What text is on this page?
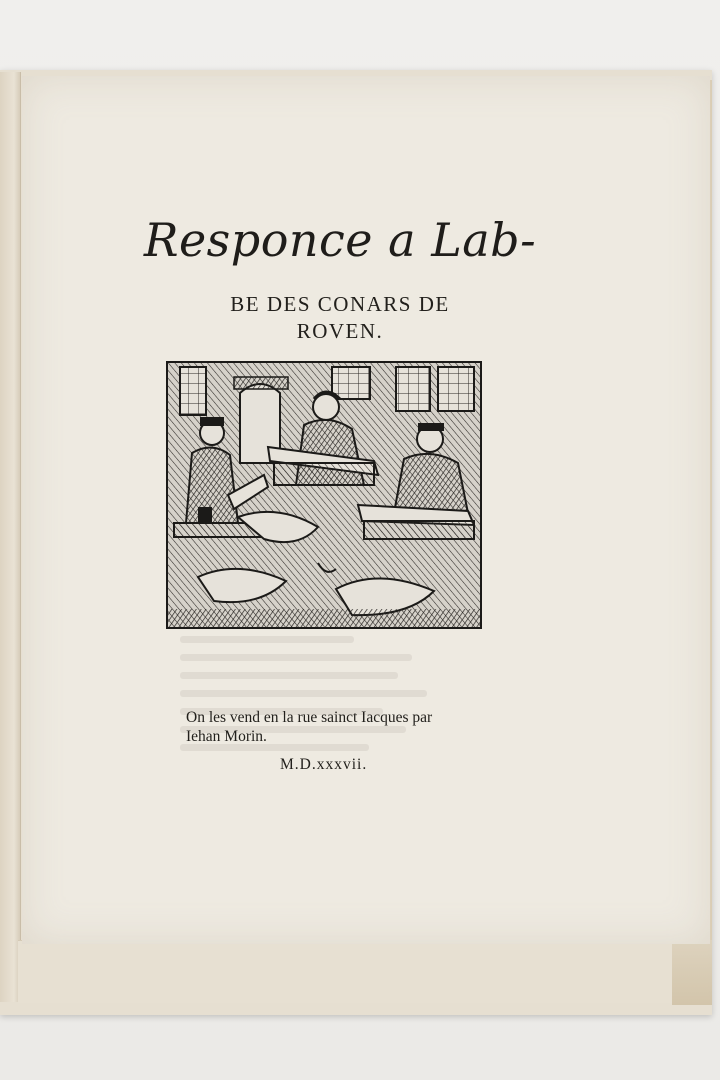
Responce a Lab-
BE DES CONARS DE
ROVEN.
On les vend en la rue sainct Iacques par
Iehan Morin.
M.D.xxxvii.
